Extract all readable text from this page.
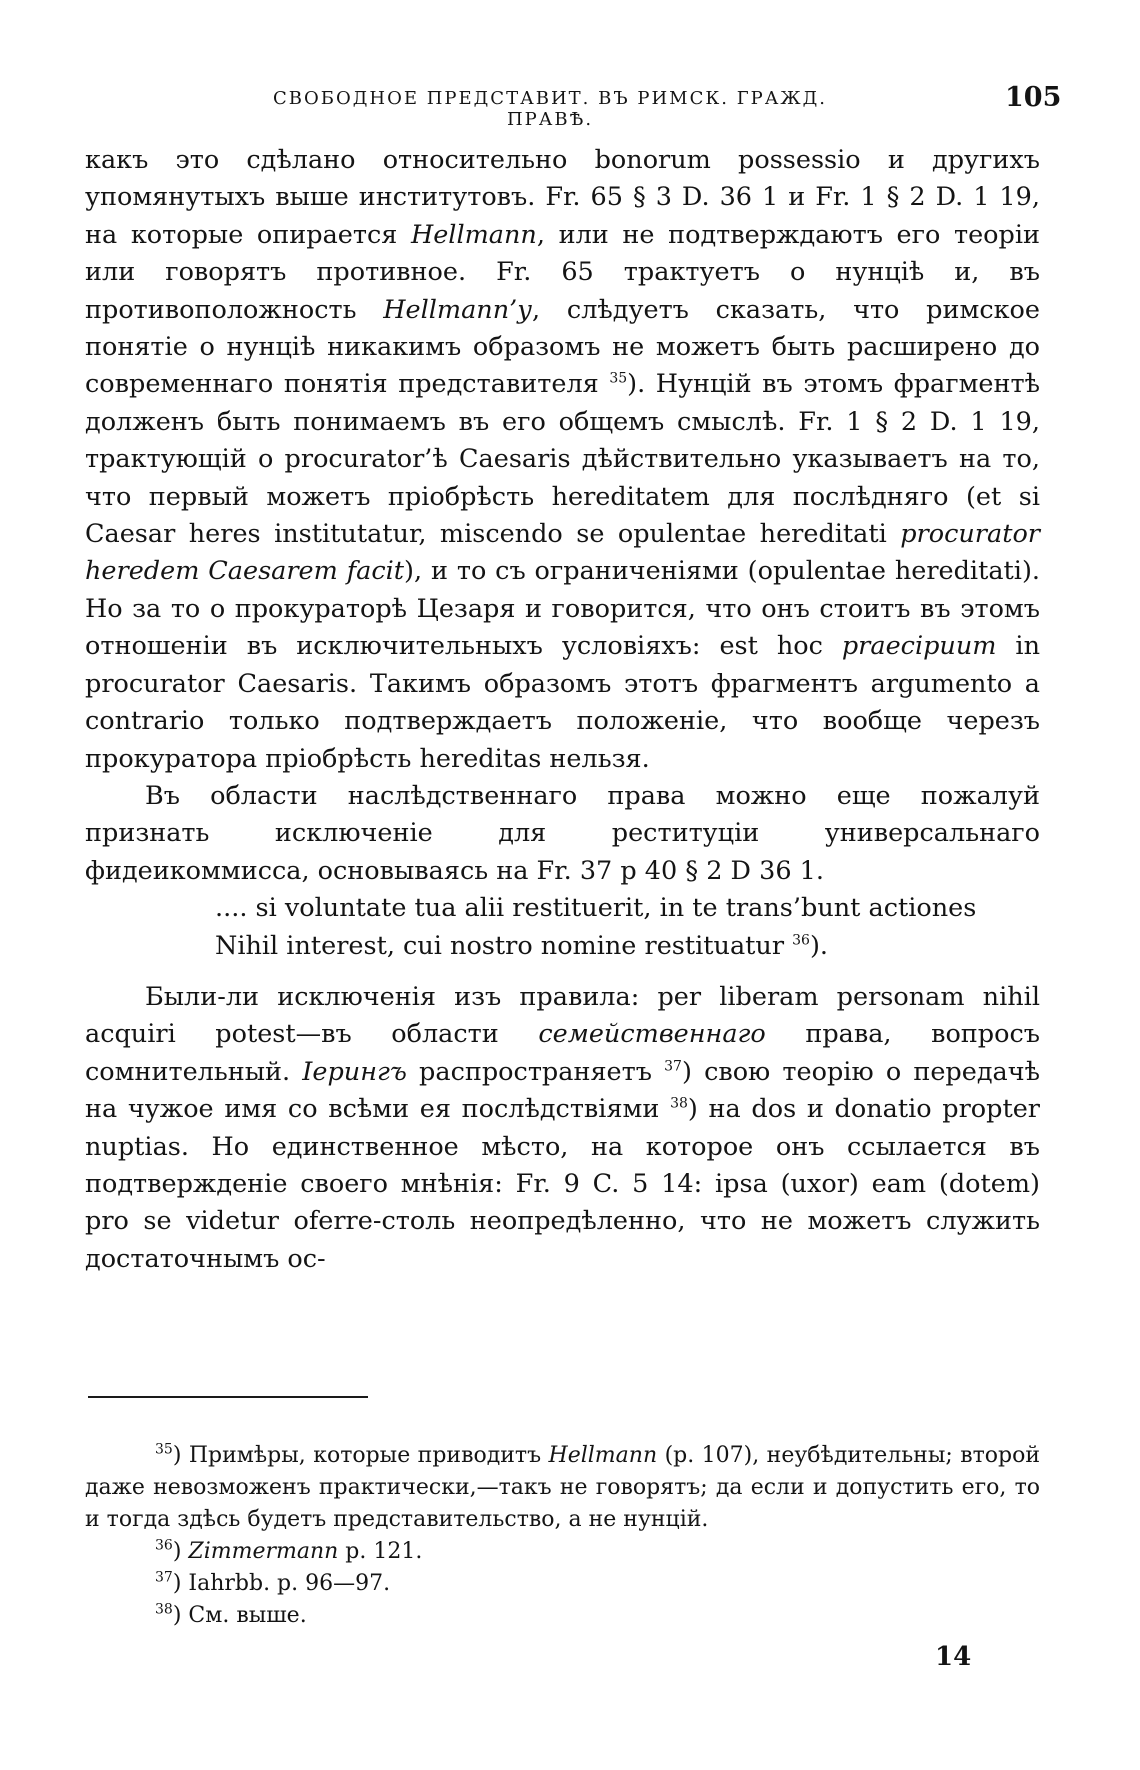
СВОБОДНОЕ ПРЕДСТАВИТ. ВЪ РИМСК. ГРАЖД. ПРАВѢ.
105

какъ это сдѣлано относительно bonorum possessio и другихъ упомянутыхъ выше институтовъ. Fr. 65 § 3 D. 36 1 и Fr. 1 § 2 D. 1 19, на которые опирается Hellmann, или не подтверждаютъ его теоріи или говорятъ противное. Fr. 65 трактуетъ о нунціѣ и, въ противоположность Hellmann’у, слѣдуетъ сказать, что римское понятіе о нунціѣ никакимъ образомъ не можетъ быть расширено до современнаго понятія представителя $^{35}$). Нунцій въ этомъ фрагментѣ долженъ быть понимаемъ въ его общемъ смыслѣ. Fr. 1 § 2 D. 1 19, трактующій о procurator’ѣ Caesaris дѣйствительно указываетъ на то, что первый можетъ пріобрѣсть hereditatem для послѣдняго (et si Caesar heres institutatur, miscendo se opulentae hereditati procurator heredem Caesarem facit), и то съ ограниченіями (opulentae hereditati). Но за то о прокураторѣ Цезаря и говорится, что онъ стоитъ въ этомъ отношеніи въ исключительныхъ условіяхъ: est hoc praecipuum in procurator Caesaris. Такимъ образомъ этотъ фрагментъ argumento a contrario только подтверждаетъ положеніе, что вообще черезъ прокуратора пріобрѣсть hereditas нельзя.

Въ области наслѣдственнаго права можно еще пожалуй признать исключеніе для реституціи универсальнаго фидеикоммисса, основываясь на Fr. 37 p 40 § 2 D 36 1.

.... si voluntate tua alii restituerit, in te trans’bunt actiones
Nihil interest, cui nostro nomine restituatur $^{36}$).

Были-ли исключенія изъ правила: per liberam personam nihil acquiri potest—въ области семейственнаго права, вопросъ сомнительный. Іерингъ распространяетъ $^{37}$) свою теорію о передачѣ на чужое имя со всѣми ея послѣдствіями $^{38}$) на dos и donatio propter nuptias. Но единственное мѣсто, на которое онъ ссылается въ подтвержденіе своего мнѣнія: Fr. 9 C. 5 14: ipsa (uxor) eam (dotem) pro se videtur oferre-столь неопредѣленно, что не можетъ служить достаточнымъ ос-

$^{35}$) Примѣры, которые приводитъ Hellmann (p. 107), неубѣдительны; второй даже невозможенъ практически,—такъ не говорятъ; да если и допустить его, то и тогда здѣсь будетъ представительство, а не нунцій.

$^{36}$) Zimmermann p. 121.

$^{37}$) Iahrbb. p. 96—97.

$^{38}$) См. выше.

14
